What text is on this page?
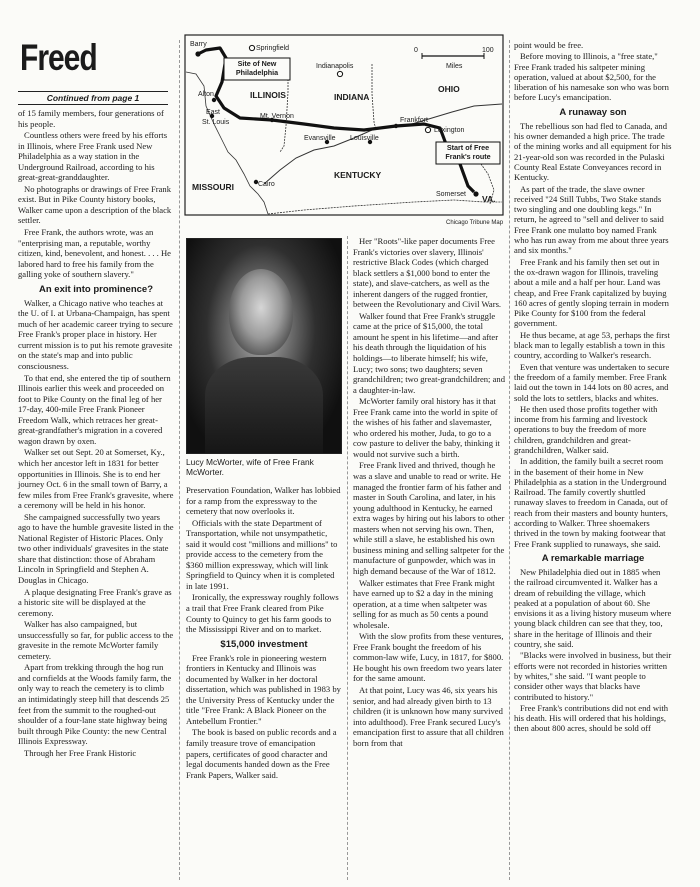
Freed
Continued from page 1

of 15 family members, four generations of his people.

Countless others were freed by his efforts in Illinois, where Free Frank used New Philadelphia as a way station in the Underground Railroad, according to his great-great-granddaughter.

No photographs or drawings of Free Frank exist. But in Pike County history books, Walker came upon a description of the black settler.

Free Frank, the authors wrote, was an "enterprising man, a reputable, worthy citizen, kind, benevolent, and honest. . . . He labored hard to free his family from the galling yoke of southern slavery."

An exit into prominence?

Walker, a Chicago native who teaches at the U. of I. at Urbana-Champaign, has spent much of her academic career trying to secure Free Frank's proper place in history. Her current mission is to put his remote gravesite on the state's map and into public consciousness.

To that end, she entered the tip of southern Illinois earlier this week and proceeded on foot to Pike County on the final leg of her 17-day, 400-mile Free Frank Pioneer Freedom Walk, which retraces her great-great-grandfather's migration in a covered wagon drawn by oxen.

Walker set out Sept. 20 at Somerset, Ky., which her ancestor left in 1831 for better opportunities in Illinois. She is to end her journey Oct. 6 in the small town of Barry, a few miles from Free Frank's gravesite, where a ceremony will be held in his honor.

She campaigned successfully two years ago to have the humble gravesite listed in the National Register of Historic Places. Only two other individuals' gravesites in the state share that distinction: those of Abraham Lincoln in Springfield and Stephen A. Douglas in Chicago.

A plaque designating Free Frank's grave as a historic site will be displayed at the ceremony.

Walker has also campaigned, but unsuccessfully so far, for public access to the gravesite in the remote McWorter family cemetery.

Apart from trekking through the hog run and cornfields at the Woods family farm, the only way to reach the cemetery is to climb an intimidatingly steep hill that descends 25 feet from the summit to the roughed-out shoulder of a four-lane state highway being built through Pike County: the new Central Illinois Expressway.

Through her Free Frank Historic

0	100
Miles
Barry
Springfield
Site of New Philadelphia
Indianapolis
Alton	ILLINOIS	INDIANA
OHIO
East
St. Louis
Mt. Vernon
Frankfort
Lexington
Evansville Louisville
Start of Free Frank's route
MISSOURI	Cairo
KENTUCKY
Somerset VA.
Chicago Tribune Map
Lucy McWorter, wife of Free Frank McWorter.

Preservation Foundation, Walker has lobbied for a ramp from the expressway to the cemetery that now overlooks it.

Officials with the state Department of Transportation, while not unsympathetic, said it would cost "millions and millions" to provide access to the cemetery from the $360 million expressway, which will link Springfield to Quincy when it is completed in late 1991.

Ironically, the expressway roughly follows a trail that Free Frank cleared from Pike County to Quincy to get his farm goods to the Mississippi River and on to market.

$15,000 investment

Free Frank's role in pioneering western frontiers in Kentucky and Illinois was documented by Walker in her doctoral dissertation, which was published in 1983 by the University Press of Kentucky under the title "Free Frank: A Black Pioneer on the Antebellum Frontier."

The book is based on public records and a family treasure trove of emancipation papers, certificates of good character and legal documents handed down as the Free Frank Papers, Walker said.

Her "Roots"-like paper documents Free Frank's victories over slavery, Illinois' restrictive Black Codes (which charged black settlers a $1,000 bond to enter the state), and slave-catchers, as well as the inherent dangers of the rugged frontier, between the Revolutionary and Civil Wars.

Walker found that Free Frank's struggle came at the price of $15,000, the total amount he spent in his lifetime—and after his death through the liquidation of his holdings—to liberate himself; his wife, Lucy; two sons; two daughters; seven grandchildren; two great-grandchildren; and a daughter-in-law.

McWorter family oral history has it that Free Frank came into the world in spite of the wishes of his father and slavemaster, who ordered his mother, Juda, to go to a cow pasture to deliver the baby, thinking it would not survive such a birth.

Free Frank lived and thrived, though he was a slave and unable to read or write. He managed the frontier farm of his father and master in South Carolina, and later, in his young adulthood in Kentucky, he earned extra wages by hiring out his labors to other masters when not serving his own. Then, while still a slave, he established his own business mining and selling saltpeter for the manufacture of gunpowder, which was in high demand because of the War of 1812.

Walker estimates that Free Frank might have earned up to $2 a day in the mining operation, at a time when saltpeter was selling for as much as 50 cents a pound wholesale.

With the slow profits from these ventures, Free Frank bought the freedom of his common-law wife, Lucy, in 1817, for $800. He bought his own freedom two years later for the same amount.

At that point, Lucy was 46, six years his senior, and had already given birth to 13 children (it is unknown how many survived into adulthood). Free Frank secured Lucy's emancipation first to assure that all children born from that

point would be free.

Before moving to Illinois, a "free state," Free Frank traded his saltpeter mining operation, valued at about $2,500, for the liberation of his namesake son who was born before Lucy's emancipation.

A runaway son

The rebellious son had fled to Canada, and his owner demanded a high price. The trade of the mining works and all equipment for his 21-year-old son was recorded in the Pulaski County Real Estate Conveyances record in Kentucky.

As part of the trade, the slave owner received "24 Still Tubbs, Two Stake stands two singling and one doubling kegs." In return, he agreed to "sell and deliver to said Free Frank one mulatto boy named Frank who has run away from me about three years and six months."

Free Frank and his family then set out in the ox-drawn wagon for Illinois, traveling about a mile and a half per hour. Land was cheap, and Free Frank capitalized by buying 160 acres of gently sloping terrain in modern Pike County for $100 from the federal government.

He thus became, at age 53, perhaps the first black man to legally establish a town in this country, according to Walker's research.

Even that venture was undertaken to secure the freedom of a family member. Free Frank laid out the town in 144 lots on 80 acres, and sold the lots to settlers, blacks and whites.

He then used those profits together with income from his farming and livestock operations to buy the freedom of more children, grandchildren and great-grandchildren, Walker said.

In addition, the family built a secret room in the basement of their home in New Philadelphia as a station in the Underground Railroad. The family covertly shuttled runaway slaves to freedom in Canada, out of reach from their masters and bounty hunters, according to Walker. Three shoemakers thrived in the town by making footwear that Free Frank supplied to runaways, she said.

A remarkable marriage

New Philadelphia died out in 1885 when the railroad circumvented it. Walker has a dream of rebuilding the village, which peaked at a population of about 60. She envisions it as a living history museum where young black children can see that they, too, share in the heritage of Illinois and their country, she said.

"Blacks were involved in business, but their efforts were not recorded in histories written by whites," she said. "I want people to consider other ways that blacks have contributed to history."

Free Frank's contributions did not end with his death. His will ordered that his holdings, then about 800 acres, should be sold off
